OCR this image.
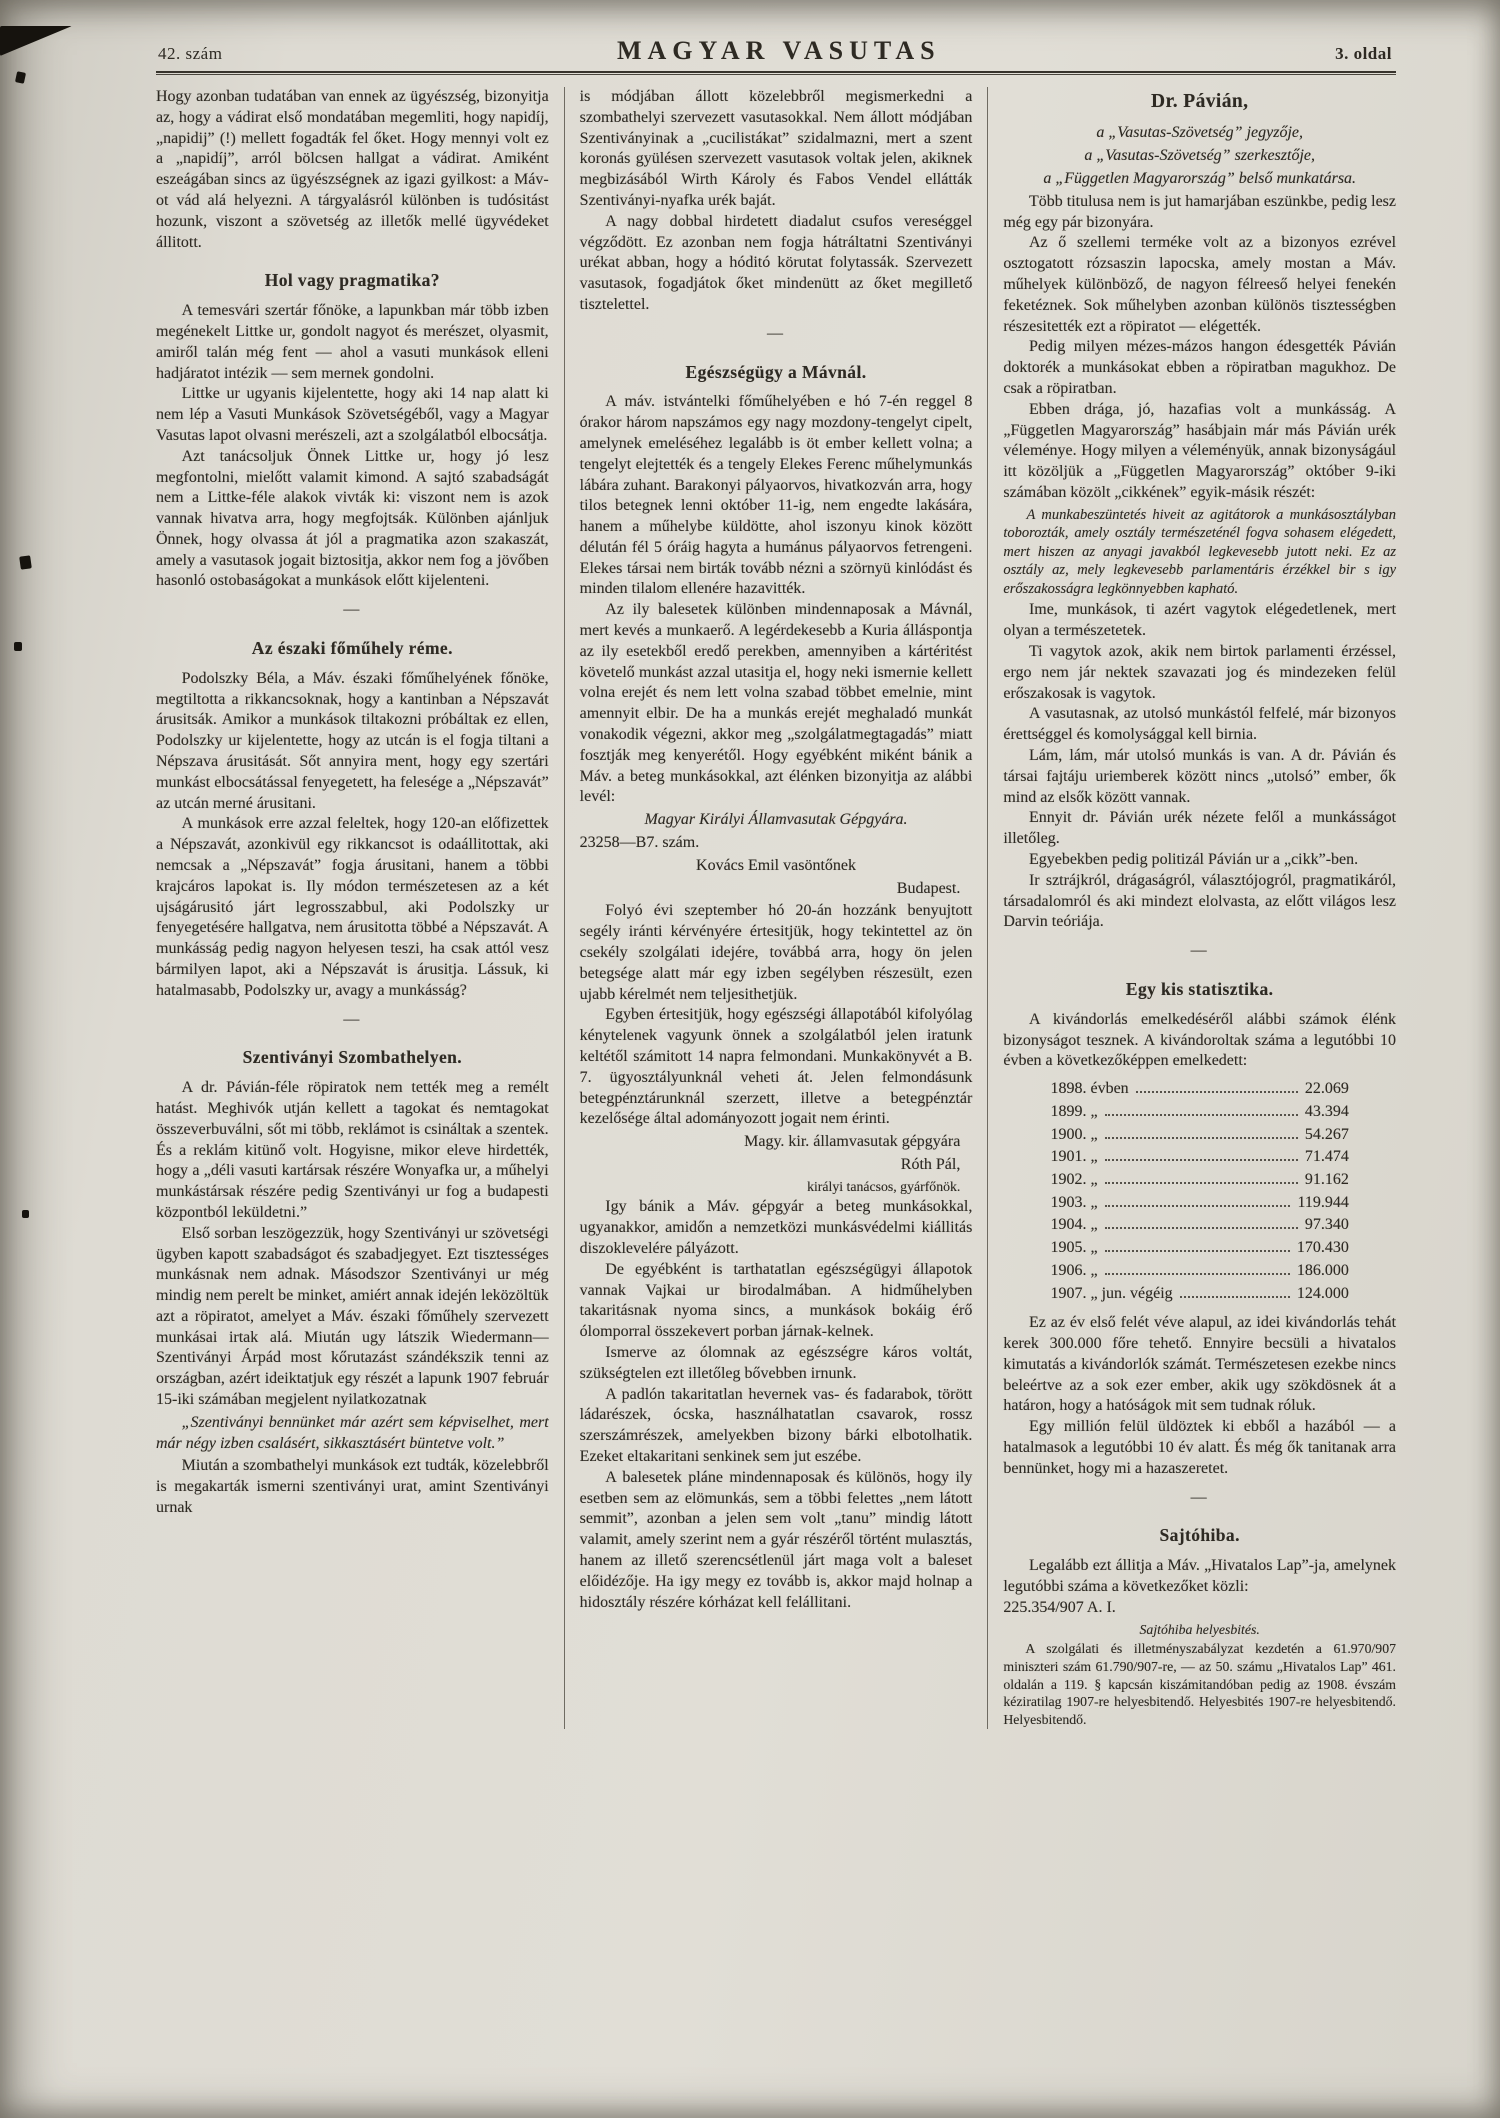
42. szám	MAGYAR VASUTAS	3. oldal

Hogy azonban tudatában van ennek az ügyészség, bizonyitja az, hogy a vádirat első mondatában megemliti, hogy napidíj, „napidij” (!) mellett fogadták fel őket. Hogy mennyi volt ez a „napidíj”, arról bölcsen hallgat a vádirat. Amiként eszeágában sincs az ügyészségnek az igazi gyilkost: a Máv-ot vád alá helyezni. A tárgyalásról különben is tudósitást hozunk, viszont a szövetség az illetők mellé ügyvédeket állitott.

Hol vagy pragmatika?

A temesvári szertár főnöke, a lapunkban már több izben megénekelt Littke ur, gondolt nagyot és merészet, olyasmit, amiről talán még fent — ahol a vasuti munkások elleni hadjáratot intézik — sem mernek gondolni.

Littke ur ugyanis kijelentette, hogy aki 14 nap alatt ki nem lép a Vasuti Munkások Szövetségéből, vagy a Magyar Vasutas lapot olvasni merészeli, azt a szolgálatból elbocsátja.

Azt tanácsoljuk Önnek Littke ur, hogy jó lesz megfontolni, mielőtt valamit kimond. A sajtó szabadságát nem a Littke-féle alakok vivták ki: viszont nem is azok vannak hivatva arra, hogy megfojtsák. Különben ajánljuk Önnek, hogy olvassa át jól a pragmatika azon szakaszát, amely a vasutasok jogait biztositja, akkor nem fog a jövőben hasonló ostobaságokat a munkások előtt kijelenteni.

—
Az északi főműhely réme.

Podolszky Béla, a Máv. északi főműhelyének főnöke, megtiltotta a rikkancsoknak, hogy a kantinban a Népszavát árusitsák. Amikor a munkások tiltakozni próbáltak ez ellen, Podolszky ur kijelentette, hogy az utcán is el fogja tiltani a Népszava árusitását. Sőt annyira ment, hogy egy szertári munkást elbocsátással fenyegetett, ha felesége a „Népszavát” az utcán merné árusitani.

A munkások erre azzal feleltek, hogy 120-an előfizettek a Népszavát, azonkivül egy rikkancsot is odaállitottak, aki nemcsak a „Népszavát” fogja árusitani, hanem a többi krajcáros lapokat is. Ily módon természetesen az a két ujságárusitó járt legrosszabbul, aki Podolszky ur fenyegetésére hallgatva, nem árusitotta többé a Népszavát. A munkásság pedig nagyon helyesen teszi, ha csak attól vesz bármilyen lapot, aki a Népszavát is árusitja. Lássuk, ki hatalmasabb, Podolszky ur, avagy a munkásság?

—
Szentiványi Szombathelyen.

A dr. Pávián-féle röpiratok nem tették meg a remélt hatást. Meghivók utján kellett a tagokat és nemtagokat összeverbuválni, sőt mi több, reklámot is csináltak a szentek. És a reklám kitünő volt. Hogyisne, mikor eleve hirdették, hogy a „déli vasuti kartársak részére Wonyafka ur, a műhelyi munkástársak részére pedig Szentiványi ur fog a budapesti központból leküldetni.”

Első sorban leszögezzük, hogy Szentiványi ur szövetségi ügyben kapott szabadságot és szabadjegyet. Ezt tisztességes munkásnak nem adnak. Másodszor Szentiványi ur még mindig nem perelt be minket, amiért annak idején leközöltük azt a röpiratot, amelyet a Máv. északi főműhely szervezett munkásai irtak alá. Miután ugy látszik Wiedermann—Szentiványi Árpád most kőrutazást szándékszik tenni az országban, azért ideiktatjuk egy részét a lapunk 1907 február 15-iki számában megjelent nyilatkozatnak

„Szentiványi bennünket már azért sem képviselhet, mert már négy izben csalásért, sikkasztásért büntetve volt.”

Miután a szombathelyi munkások ezt tudták, közelebbről is megakarták ismerni szentiványi urat, amint Szentiványi urnak

is módjában állott közelebbről megismerkedni a szombathelyi szervezett vasutasokkal. Nem állott módjában Szentiványinak a „cucilistákat” szidalmazni, mert a szent koronás gyülésen szervezett vasutasok voltak jelen, akiknek megbizásából Wirth Károly és Fabos Vendel ellátták Szentiványi-nyafka urék baját.

A nagy dobbal hirdetett diadalut csufos vereséggel végződött. Ez azonban nem fogja hátráltatni Szentiványi urékat abban, hogy a hóditó körutat folytassák. Szervezett vasutasok, fogadjátok őket mindenütt az őket megillető tisztelettel.

—
Egészségügy a Mávnál.

A máv. istvántelki főműhelyében e hó 7-én reggel 8 órakor három napszámos egy nagy mozdony-tengelyt cipelt, amelynek emeléséhez legalább is öt ember kellett volna; a tengelyt elejtették és a tengely Elekes Ferenc műhelymunkás lábára zuhant. Barakonyi pályaorvos, hivatkozván arra, hogy tilos betegnek lenni október 11-ig, nem engedte lakására, hanem a műhelybe küldötte, ahol iszonyu kinok között délután fél 5 óráig hagyta a humánus pályaorvos fetrengeni. Elekes társai nem birták tovább nézni a szörnyü kinlódást és minden tilalom ellenére hazavitték.

Az ily balesetek különben mindennaposak a Mávnál, mert kevés a munkaerő. A legérdekesebb a Kuria álláspontja az ily esetekből eredő perekben, amennyiben a kártéritést követelő munkást azzal utasitja el, hogy neki ismernie kellett volna erejét és nem lett volna szabad többet emelnie, mint amennyit elbir. De ha a munkás erejét meghaladó munkát vonakodik végezni, akkor meg „szolgálatmegtagadás” miatt fosztják meg kenyerétől. Hogy egyébként miként bánik a Máv. a beteg munkásokkal, azt élénken bizonyitja az alábbi levél:

Magyar Királyi Államvasutak Gépgyára.

23258—B7. szám.

Kovács Emil vasöntőnek

Budapest.

Folyó évi szeptember hó 20-án hozzánk benyujtott segély iránti kérvényére értesitjük, hogy tekintettel az ön csekély szolgálati idejére, továbbá arra, hogy ön jelen betegsége alatt már egy izben segélyben részesült, ezen ujabb kérelmét nem teljesithetjük.

Egyben értesitjük, hogy egészségi állapotából kifolyólag kénytelenek vagyunk önnek a szolgálatból jelen iratunk keltétől számitott 14 napra felmondani. Munkakönyvét a B. 7. ügyosztályunknál veheti át. Jelen felmondásunk betegpénztárunknál szerzett, illetve a betegpénztár kezelősége által adományozott jogait nem érinti.

Magy. kir. államvasutak gépgyára

Róth Pál,

királyi tanácsos, gyárfőnök.

Igy bánik a Máv. gépgyár a beteg munkásokkal, ugyanakkor, amidőn a nemzetközi munkásvédelmi kiállitás diszoklevelére pályázott.

De egyébként is tarthatatlan egészségügyi állapotok vannak Vajkai ur birodalmában. A hidműhelyben takaritásnak nyoma sincs, a munkások bokáig érő ólomporral összekevert porban járnak-kelnek.

Ismerve az ólomnak az egészségre káros voltát, szükségtelen ezt illetőleg bővebben irnunk.

A padlón takaritatlan hevernek vas- és fadarabok, törött ládarészek, ócska, használhatatlan csavarok, rossz szerszámrészek, amelyekben bizony bárki elbotolhatik. Ezeket eltakaritani senkinek sem jut eszébe.

A balesetek pláne mindennaposak és különös, hogy ily esetben sem az elömunkás, sem a többi felettes „nem látott semmit”, azonban a jelen sem volt „tanu” mindig látott valamit, amely szerint nem a gyár részéről történt mulasztás, hanem az illető szerencsétlenül járt maga volt a baleset előidézője. Ha igy megy ez tovább is, akkor majd holnap a hidosztály részére kórházat kell felállitani.

Dr. Pávián,

a „Vasutas-Szövetség” jegyzője,

a „Vasutas-Szövetség” szerkesztője,

a „Független Magyarország” belső munkatársa.

Több titulusa nem is jut hamarjában eszünkbe, pedig lesz még egy pár bizonyára.

Az ő szellemi terméke volt az a bizonyos ezrével osztogatott rózsaszin lapocska, amely mostan a Máv. műhelyek különböző, de nagyon félreeső helyei fenekén feketéznek. Sok műhelyben azonban különös tisztességben részesitették ezt a röpiratot — elégették.

Pedig milyen mézes-mázos hangon édesgették Pávián doktorék a munkásokat ebben a röpiratban magukhoz. De csak a röpiratban.

Ebben drága, jó, hazafias volt a munkásság. A „Független Magyarország” hasábjain már más Pávián urék véleménye. Hogy milyen a véleményük, annak bizonyságául itt közöljük a „Független Magyarország” október 9-iki számában közölt „cikkének” egyik-másik részét:

A munkabeszüntetés hiveit az agitátorok a munkásosztályban toborozták, amely osztály természeténél fogva sohasem elégedett, mert hiszen az anyagi javakból legkevesebb jutott neki. Ez az osztály az, mely legkevesebb parlamentáris érzékkel bir s igy erőszakosságra legkönnyebben kapható.

Ime, munkások, ti azért vagytok elégedetlenek, mert olyan a természetetek.

Ti vagytok azok, akik nem birtok parlamenti érzéssel, ergo nem jár nektek szavazati jog és mindezeken felül erőszakosak is vagytok.

A vasutasnak, az utolsó munkástól felfelé, már bizonyos érettséggel és komolysággal kell birnia.

Lám, lám, már utolsó munkás is van. A dr. Pávián és társai fajtáju uriemberek között nincs „utolsó” ember, ők mind az elsők között vannak.

Ennyit dr. Pávián urék nézete felől a munkásságot illetőleg.

Egyebekben pedig politizál Pávián ur a „cikk”-ben.

Ir sztrájkról, drágaságról, választójogról, pragmatikáról, társadalomról és aki mindezt elolvasta, az előtt világos lesz Darvin teóriája.

—
Egy kis statisztika.

A kivándorlás emelkedéséről alábbi számok élénk bizonyságot tesznek. A kivándoroltak száma a legutóbbi 10 évben a következőképpen emelkedett:

1898. évben	22.069
1899. „	43.394
1900. „	54.267
1901. „	71.474
1902. „	91.162
1903. „	119.944
1904. „	97.340
1905. „	170.430
1906. „	186.000
1907. „ jun. végéig	124.000

Ez az év első felét véve alapul, az idei kivándorlás tehát kerek 300.000 főre tehető. Ennyire becsüli a hivatalos kimutatás a kivándorlók számát. Természetesen ezekbe nincs beleértve az a sok ezer ember, akik ugy szökdösnek át a határon, hogy a hatóságok mit sem tudnak róluk.

Egy millión felül üldöztek ki ebből a hazából — a hatalmasok a legutóbbi 10 év alatt. És még ők tanitanak arra bennünket, hogy mi a hazaszeretet.

—
Sajtóhiba.

Legalább ezt állitja a Máv. „Hivatalos Lap”-ja, amelynek legutóbbi száma a következőket közli:

225.354/907 A. I.

Sajtóhiba helyesbités.

A szolgálati és illetményszabályzat kezdetén a 61.970/907 miniszteri szám 61.790/907-re, — az 50. számu „Hivatalos Lap” 461. oldalán a 119. § kapcsán kiszámitandóban pedig az 1908. évszám kéziratilag 1907-re helyesbitendő. Helyesbités 1907-re helyesbitendő. Helyesbitendő.
